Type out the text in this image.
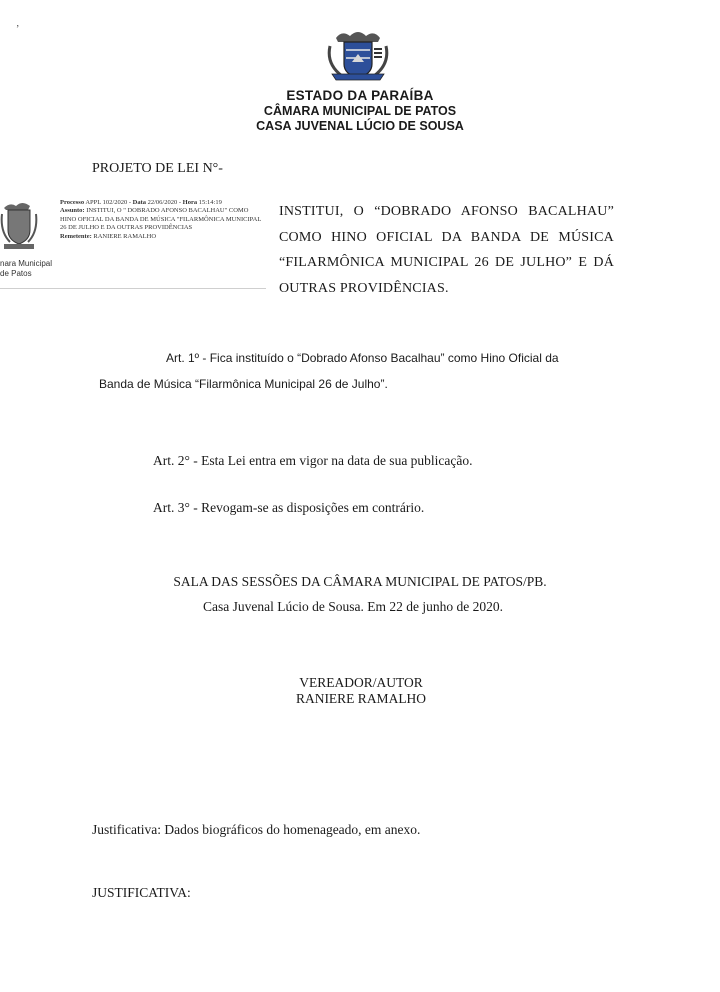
ʼ
ESTADO DA PARAÍBA
CÂMARA MUNICIPAL DE PATOS
CASA JUVENAL LÚCIO DE SOUSA
PROJETO DE LEI N°-
nara Municipal
de Patos
Processo APPL 102/2020 - Data 22/06/2020 - Hora 15:14:19
Assunto: INSTITUI, O " DOBRADO AFONSO BACALHAU" COMO HINO OFICIAL DA BANDA DE MÚSICA "FILARMÔNICA MUNICIPAL 26 DE JULHO E DA OUTRAS PROVIDÊNCIAS
Remetente: RANIERE RAMALHO
INSTITUI, O “DOBRADO AFONSO BACALHAU” COMO HINO OFICIAL DA BANDA DE MÚSICA “FILARMÔNICA MUNICIPAL 26 DE JULHO” E DÁ OUTRAS PROVIDÊNCIAS.
Art. 1º - Fica instituído o “Dobrado Afonso Bacalhau” como Hino Oficial da
Banda de Música “Filarmônica Municipal 26 de Julho”.
Art. 2° - Esta Lei entra em vigor na data de sua publicação.
Art. 3° - Revogam-se as disposições em contrário.
SALA DAS SESSÕES DA CÂMARA MUNICIPAL DE PATOS/PB.
Casa Juvenal Lúcio de Sousa. Em 22 de junho de 2020.
VEREADOR/AUTOR
RANIERE RAMALHO
Justificativa: Dados biográficos do homenageado, em anexo.
JUSTIFICATIVA:
